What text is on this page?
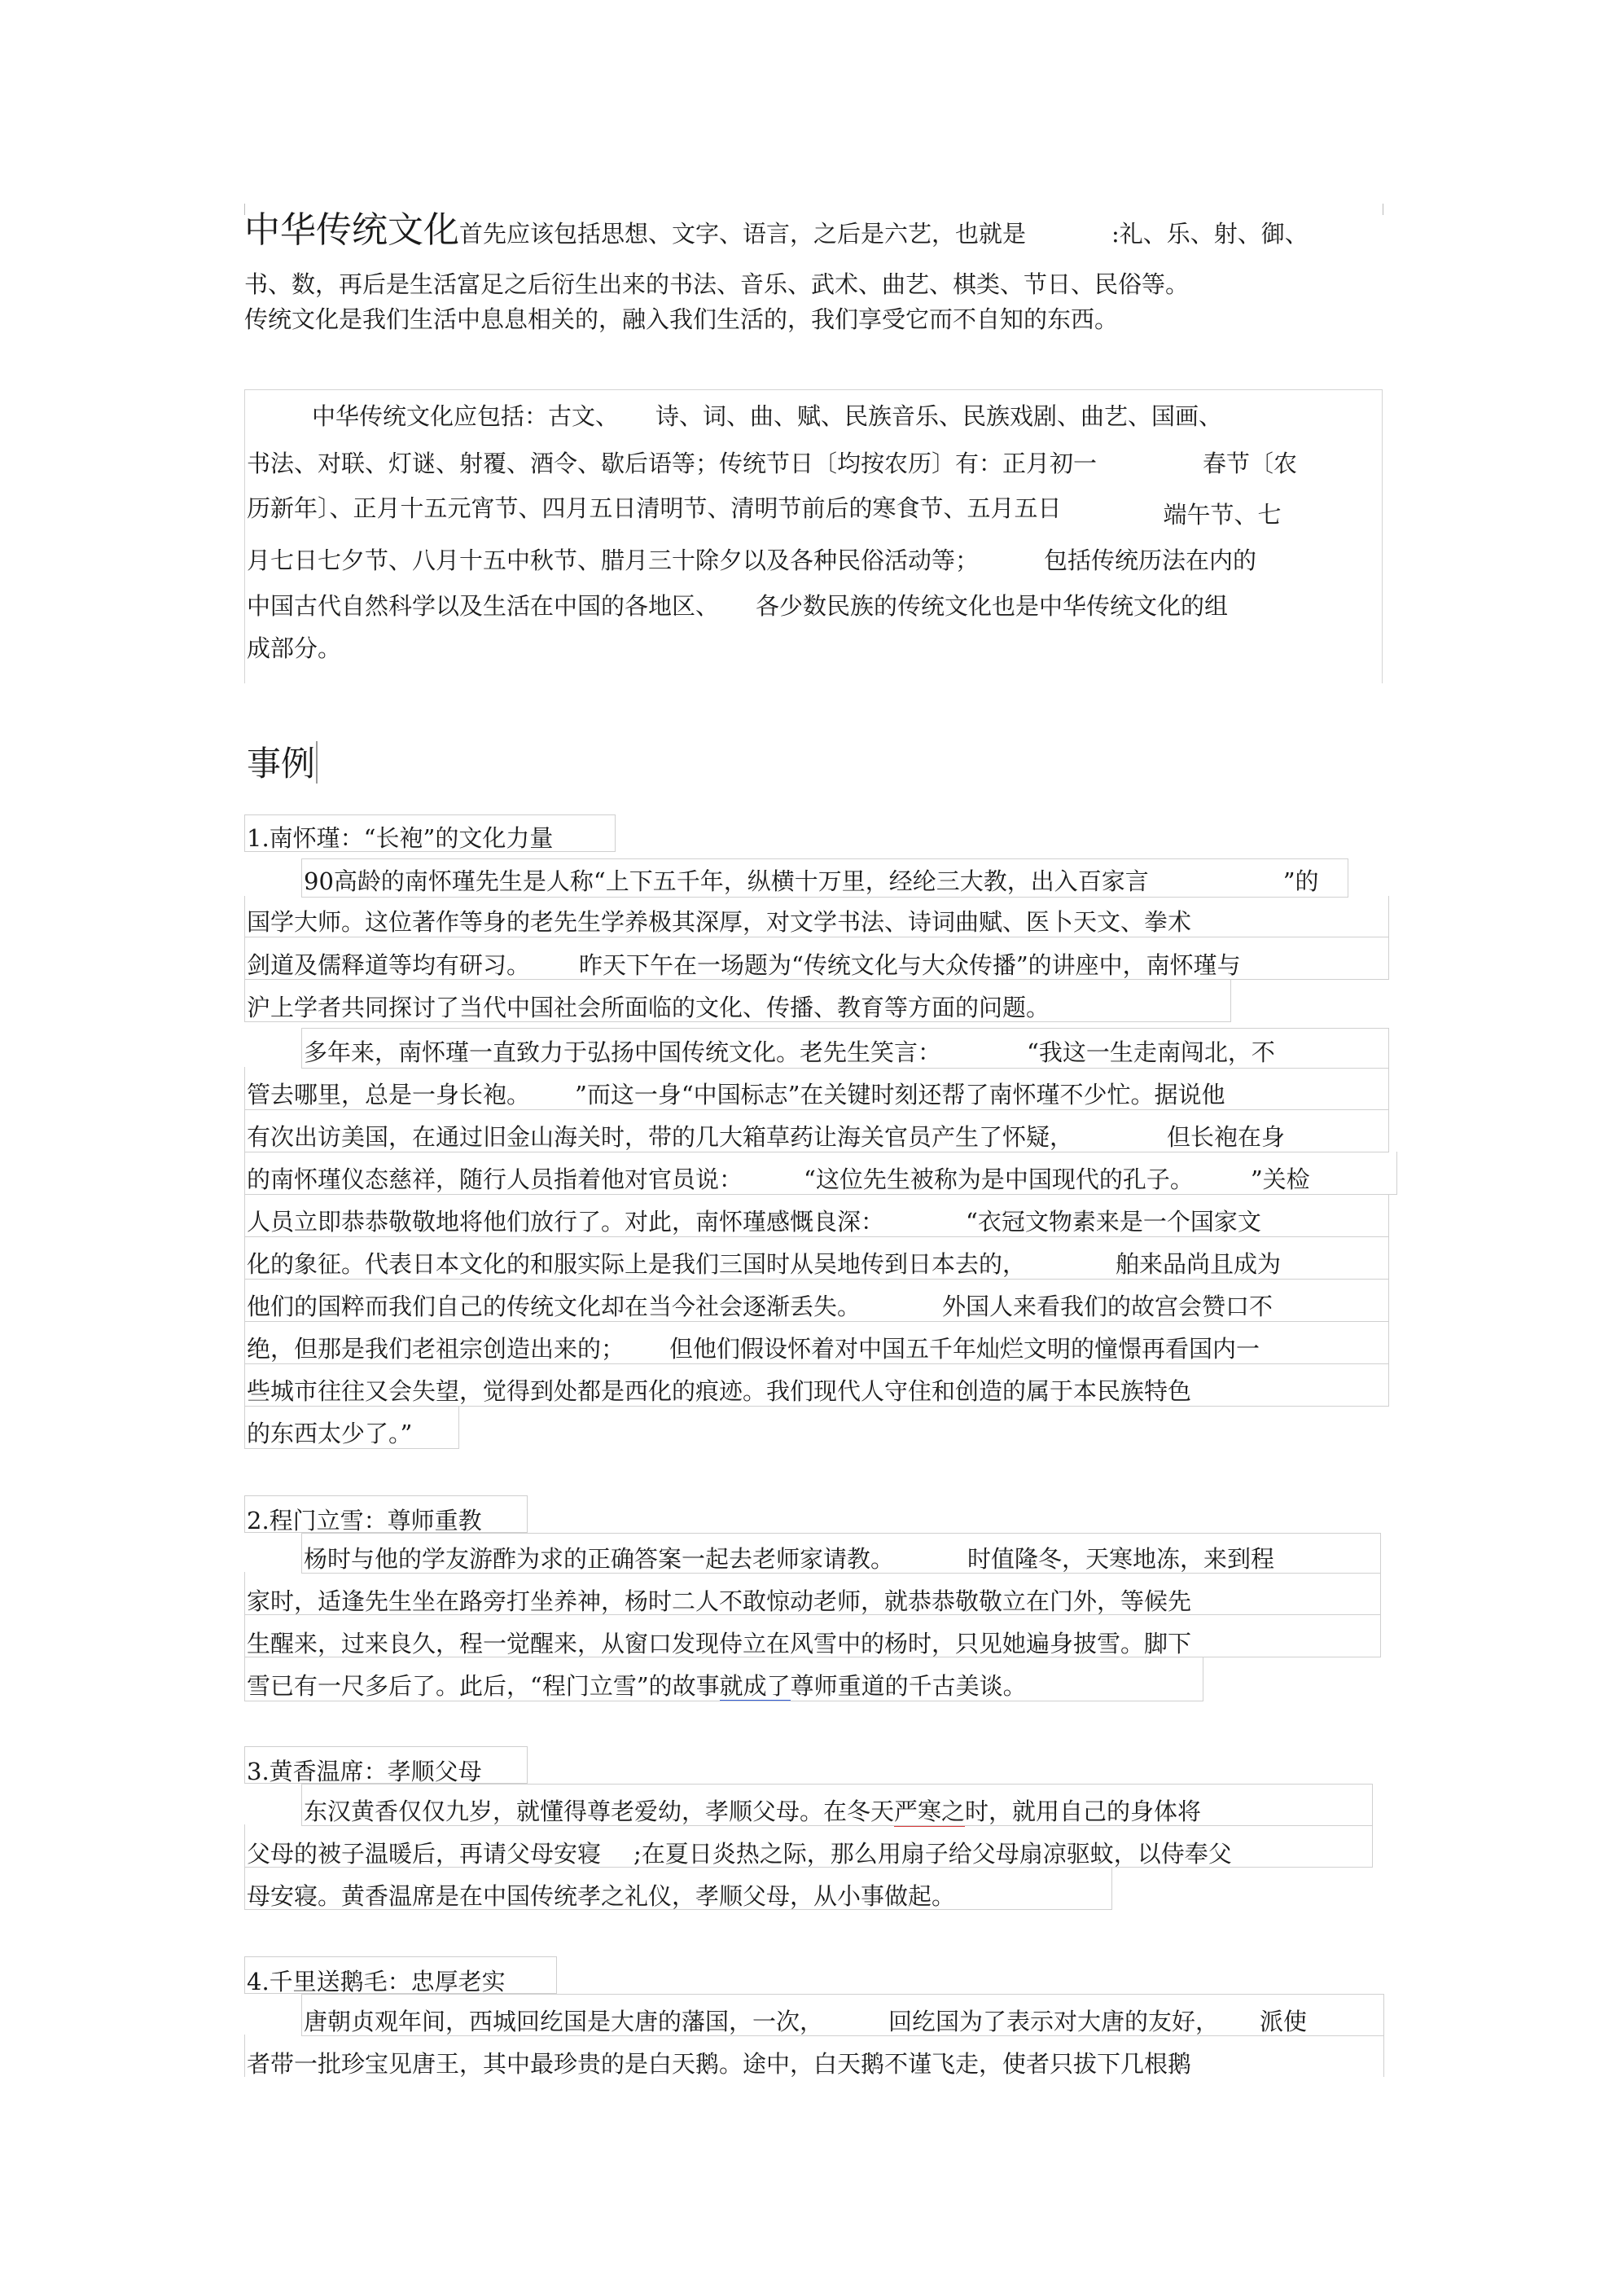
中华传统文化首先应该包括思想、文字、语言，之后是六艺，也就是	:礼、乐、射、御、
书、数，再后是生活富足之后衍生出来的书法、音乐、武术、曲艺、棋类、节日、民俗等。
传统文化是我们生活中息息相关的，融入我们生活的，我们享受它而不自知的东西。
中华传统文化应包括：古文、 诗、词、曲、赋、民族音乐、民族戏剧、曲艺、国画、
书法、对联、灯谜、射覆、酒令、歇后语等；传统节日〔均按农历〕有：正月初一	春节〔农
历新年〕、正月十五元宵节、四月五日清明节、清明节前后的寒食节、五月五日	端午节、七
月七日七夕节、八月十五中秋节、腊月三十除夕以及各种民俗活动等；	包括传统历法在内的
中国古代自然科学以及生活在中国的各地区、 各少数民族的传统文化也是中华传统文化的组
成部分。
事例
1.南怀瑾：“长袍”的文化力量
90高龄的南怀瑾先生是人称“上下五千年，纵横十万里，经纶三大教，出入百家言	”的
国学大师。这位著作等身的老先生学养极其深厚，对文学书法、诗词曲赋、医卜天文、拳术
剑道及儒释道等均有研习。 昨天下午在一场题为“传统文化与大众传播”的讲座中，南怀瑾与
沪上学者共同探讨了当代中国社会所面临的文化、传播、教育等方面的问题。
多年来，南怀瑾一直致力于弘扬中国传统文化。老先生笑言：	“我这一生走南闯北，不
管去哪里，总是一身长袍。 ”而这一身“中国标志”在关键时刻还帮了南怀瑾不少忙。据说他
有次出访美国，在通过旧金山海关时，带的几大箱草药让海关官员产生了怀疑，	但长袍在身
的南怀瑾仪态慈祥，随行人员指着他对官员说：	“这位先生被称为是中国现代的孔子。 ”关检
人员立即恭恭敬敬地将他们放行了。对此，南怀瑾感慨良深：	“衣冠文物素来是一个国家文
化的象征。代表日本文化的和服实际上是我们三国时从吴地传到日本去的，	舶来品尚且成为
他们的国粹而我们自己的传统文化却在当今社会逐渐丢失。	外国人来看我们的故宫会赞口不
绝，但那是我们老祖宗创造出来的； 但他们假设怀着对中国五千年灿烂文明的憧憬再看国内一
些城市往往又会失望，觉得到处都是西化的痕迹。我们现代人守住和创造的属于本民族特色
的东西太少了。”
2.程门立雪：尊师重教
杨时与他的学友游酢为求的正确答案一起去老师家请教。	时值隆冬，天寒地冻，来到程
家时，适逢先生坐在路旁打坐养神，杨时二人不敢惊动老师，就恭恭敬敬立在门外，等候先
生醒来，过来良久，程一觉醒来，从窗口发现侍立在风雪中的杨时，只见她遍身披雪。脚下
雪已有一尺多后了。此后，“程门立雪”的故事就成了尊师重道的千古美谈。
3.黄香温席：孝顺父母
东汉黄香仅仅九岁，就懂得尊老爱幼，孝顺父母。在冬天严寒之时，就用自己的身体将
父母的被子温暖后，再请父母安寝 ;在夏日炎热之际，那么用扇子给父母扇凉驱蚊，以侍奉父
母安寝。黄香温席是在中国传统孝之礼仪，孝顺父母，从小事做起。
4.千里送鹅毛：忠厚老实
唐朝贞观年间，西城回纥国是大唐的藩国，一次，	回纥国为了表示对大唐的友好， 派使
者带一批珍宝见唐王，其中最珍贵的是白天鹅。途中，白天鹅不谨飞走，使者只拔下几根鹅
